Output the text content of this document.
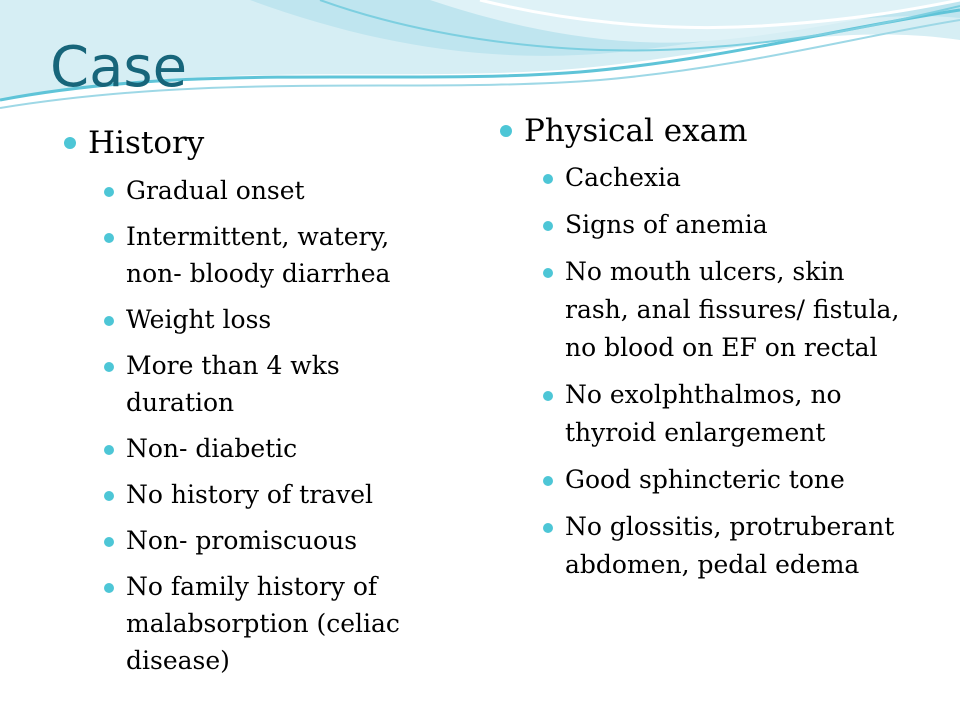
Case
History
Gradual onset
Intermittent, watery, non- bloody diarrhea
Weight loss
More than 4 wks duration
Non- diabetic
No history of travel
Non- promiscuous
No family history of malabsorption (celiac disease)
Physical exam
Cachexia
Signs of anemia
No mouth ulcers, skin rash, anal fissures/ fistula, no blood on EF on rectal
No exolphthalmos, no thyroid enlargement
Good sphincteric tone
No glossitis, protruberant abdomen, pedal edema
